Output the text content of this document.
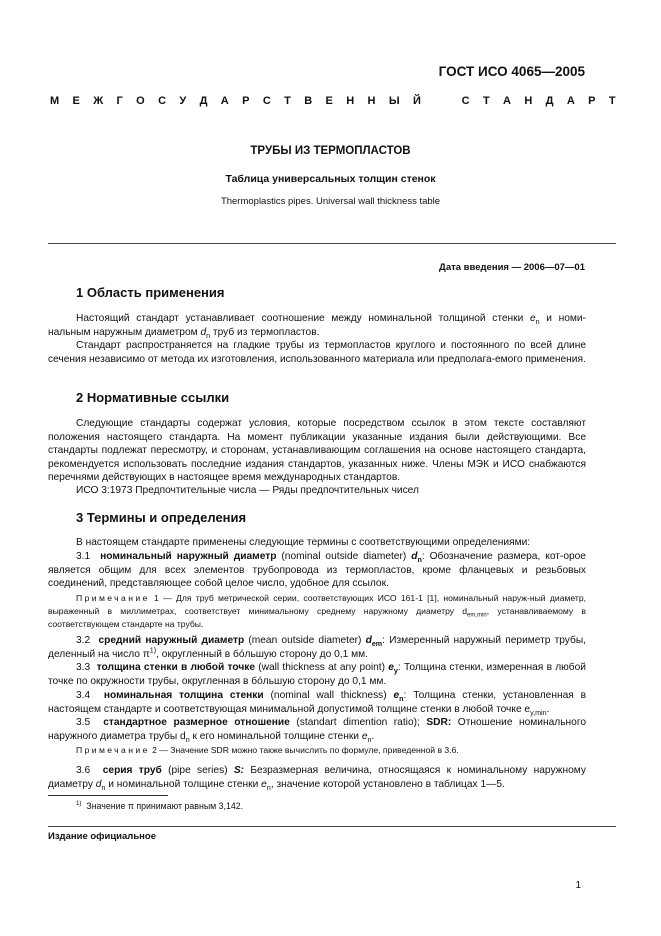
ГОСТ ИСО 4065—2005
М Е Ж Г О С У Д А Р С Т В Е Н Н Ы Й	С Т А Н Д А Р Т
ТРУБЫ ИЗ ТЕРМОПЛАСТОВ
Таблица универсальных толщин стенок
Thermoplastics pipes. Universal wall thickness table
Дата введения — 2006—07—01
1 Область применения
Настоящий стандарт устанавливает соотношение между номинальной толщиной стенки $e_n$ и номи-нальным наружным диаметром $d_n$ труб из термопластов.
Стандарт распространяется на гладкие трубы из термопластов круглого и постоянного по всей длине сечения независимо от метода их изготовления, использованного материала или предполага-емого применения.
2 Нормативные ссылки
Следующие стандарты содержат условия, которые посредством ссылок в этом тексте составляют положения настоящего стандарта. На момент публикации указанные издания были действующими. Все стандарты подлежат пересмотру, и сторонам, устанавливающим соглашения на основе настоящего стандарта, рекомендуется использовать последние издания стандартов, указанных ниже. Члены МЭК и ИСО снабжаются перечнями действующих в настоящее время международных стандартов.
ИСО 3:1973 Предпочтительные числа — Ряды предпочтительных чисел
3 Термины и определения
В настоящем стандарте применены следующие термины с соответствующими определениями:
3.1 номинальный наружный диаметр (nominal outside diameter) $d_n$: Обозначение размера, кот-орое является общим для всех элементов трубопровода из термопластов, кроме фланцевых и резьбовых соединений, представляющее собой целое число, удобное для ссылок.
Примечание 1 — Для труб метрической серии, соответствующих ИСО 161-1 [1], номинальный наруж-ный диаметр, выраженный в миллиметрах, соответствует минимальному среднему наружному диаметру $d_{em,min}$, устанавливаемому в соответствующем стандарте на трубы.
3.2 средний наружный диаметр (mean outside diameter) $d_{em}$: Измеренный наружный периметр трубы, деленный на число $\pi^{1)}$, округленный в бо́льшую сторону до 0,1 мм.
3.3 толщина стенки в любой точке (wall thickness at any point) $e_y$: Толщина стенки, измеренная в любой точке по окружности трубы, округленная в бо́льшую сторону до 0,1 мм.
3.4 номинальная толщина стенки (nominal wall thickness) $e_n$: Толщина стенки, установленная в настоящем стандарте и соответствующая минимальной допустимой толщине стенки в любой точке $e_{y,min}$.
3.5 стандартное размерное отношение (standart dimention ratio); SDR: Отношение номинального наружного диаметра трубы $d_n$ к его номинальной толщине стенки $e_n$.
Примечание 2 — Значение SDR можно также вычислить по формуле, приведенной в 3.6.
3.6 серия труб (pipe series) S: Безразмерная величина, относящаяся к номинальному наружному диаметру $d_n$ и номинальной толщине стенки $e_n$, значение которой установлено в таблицах 1—5.
$^{1)}$ Значение π принимают равным 3,142.
Издание официальное
1
